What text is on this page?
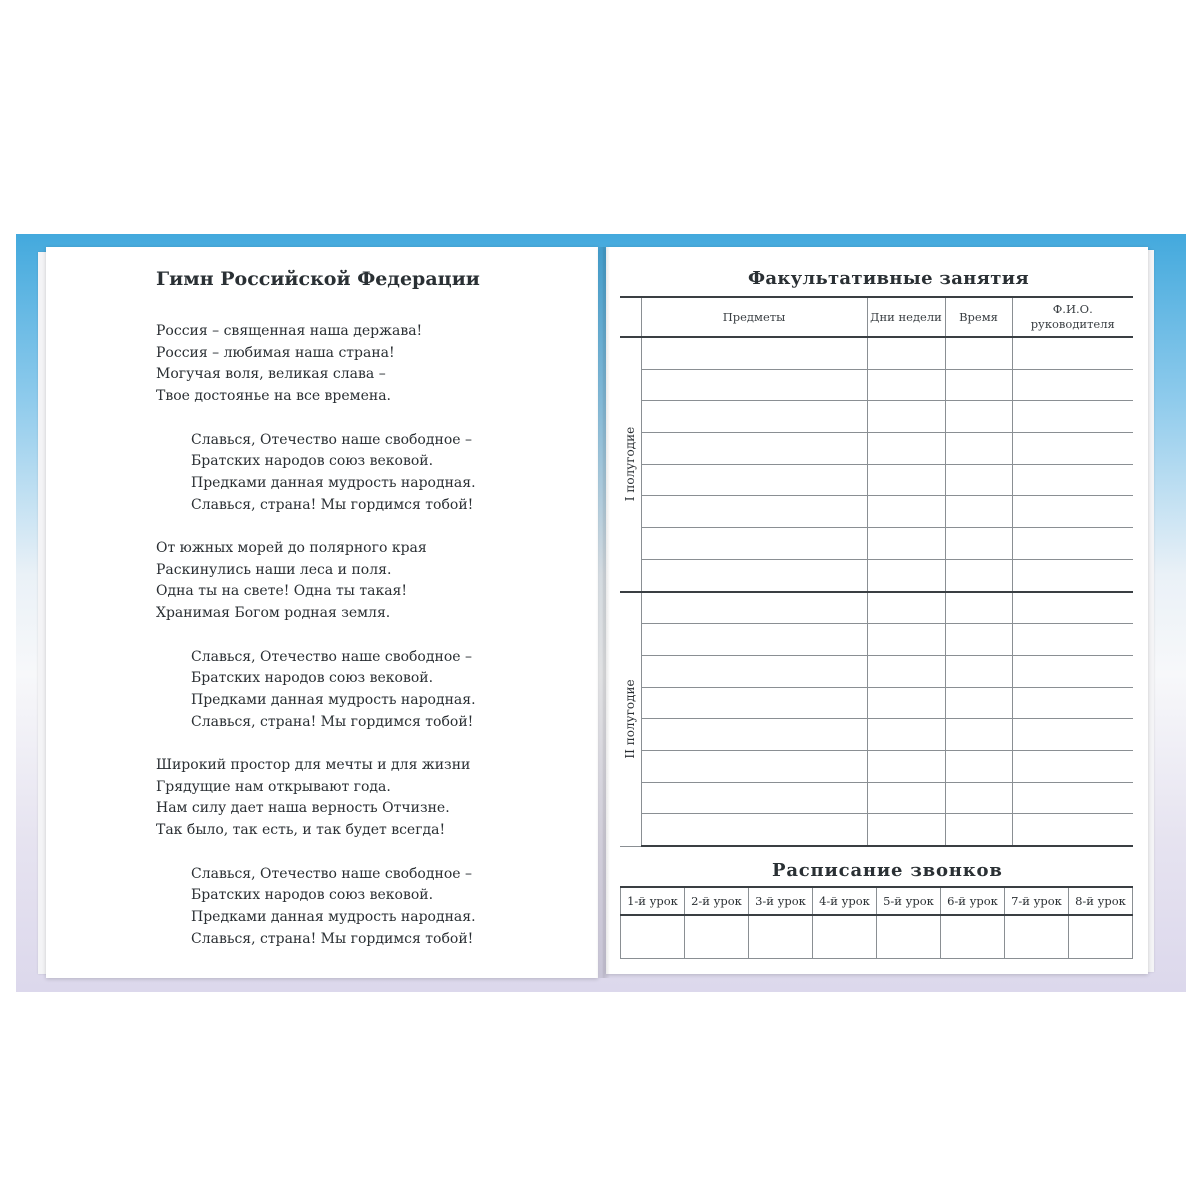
Гимн Российской Федерации
Россия – священная наша держава!
Россия – любимая наша страна!
Могучая воля, великая слава –
Твое достоянье на все времена.
Славься, Отечество наше свободное –
Братских народов союз вековой.
Предками данная мудрость народная.
Славься, страна! Мы гордимся тобой!
От южных морей до полярного края
Раскинулись наши леса и поля.
Одна ты на свете! Одна ты такая!
Хранимая Богом родная земля.
Славься, Отечество наше свободное –
Братских народов союз вековой.
Предками данная мудрость народная.
Славься, страна! Мы гордимся тобой!
Широкий простор для мечты и для жизни
Грядущие нам открывают года.
Нам силу дает наша верность Отчизне.
Так было, так есть, и так будет всегда!
Славься, Отечество наше свободное –
Братских народов союз вековой.
Предками данная мудрость народная.
Славься, страна! Мы гордимся тобой!
Факультативные занятия
	Предметы	Дни недели	Время	Ф.И.О. руководителя

I полугодие				

II полугодие				

Расписание звонков
1-й урок	2-й урок	3-й урок	4-й урок	5-й урок	6-й урок	7-й урок	8-й урок
